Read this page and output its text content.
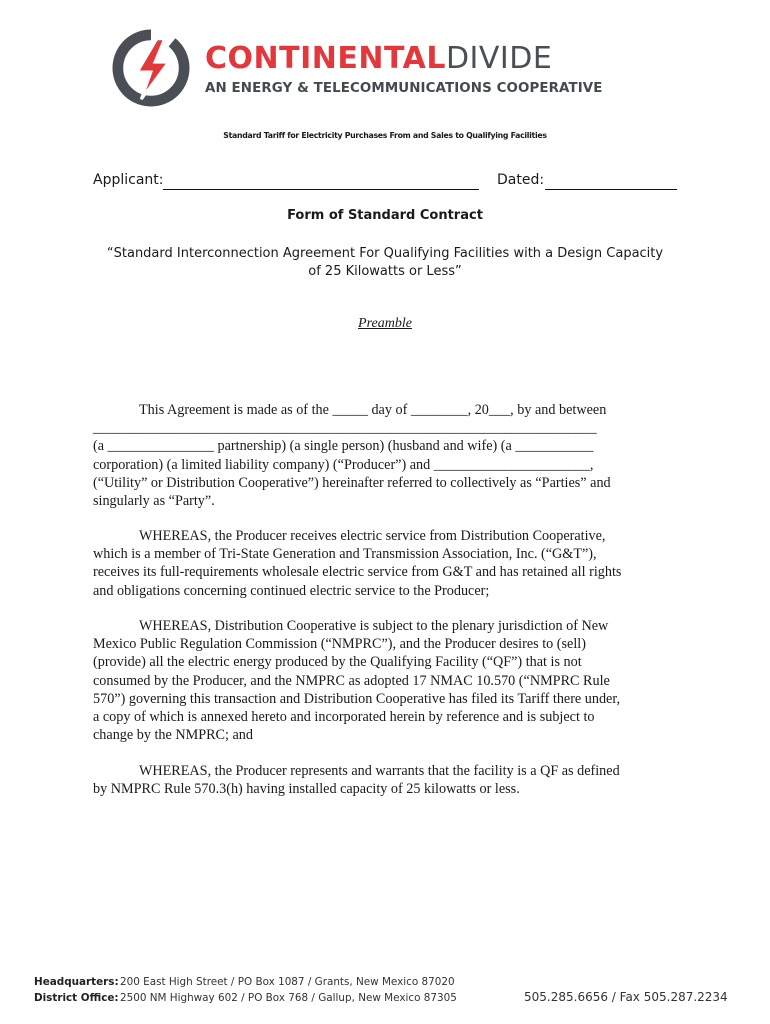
CONTINENTALDIVIDE
AN ENERGY & TELECOMMUNICATIONS COOPERATIVE
Standard Tariff for Electricity Purchases From and Sales to Qualifying Facilities
Applicant:	Dated:
Form of Standard Contract
“Standard Interconnection Agreement For Qualifying Facilities with a Design Capacity of 25 Kilowatts or Less”
Preamble

This Agreement is made as of the _____ day of ________, 20___, by and between
_______________________________________________________________________
(a _______________ partnership) (a single person) (husband and wife) (a ___________
corporation) (a limited liability company) (“Producer”) and ______________________,
(“Utility” or Distribution Cooperative”) hereinafter referred to collectively as “Parties” and
singularly as “Party”.

WHEREAS, the Producer receives electric service from Distribution Cooperative,
which is a member of Tri-State Generation and Transmission Association, Inc. (“G&T”),
receives its full-requirements wholesale electric service from G&T and has retained all rights
and obligations concerning continued electric service to the Producer;

WHEREAS, Distribution Cooperative is subject to the plenary jurisdiction of New
Mexico Public Regulation Commission (“NMPRC”), and the Producer desires to (sell)
(provide) all the electric energy produced by the Qualifying Facility (“QF”) that is not
consumed by the Producer, and the NMPRC as adopted 17 NMAC 10.570 (“NMPRC Rule
570”) governing this transaction and Distribution Cooperative has filed its Tariff there under,
a copy of which is annexed hereto and incorporated herein by reference and is subject to
change by the NMPRC; and

WHEREAS, the Producer represents and warrants that the facility is a QF as defined
by NMPRC Rule 570.3(h) having installed capacity of 25 kilowatts or less.

Headquarters:200 East High Street / PO Box 1087 / Grants, New Mexico 87020
District Office:2500 NM Highway 602 / PO Box 768 / Gallup, New Mexico 87305	505.285.6656 / Fax 505.287.2234
